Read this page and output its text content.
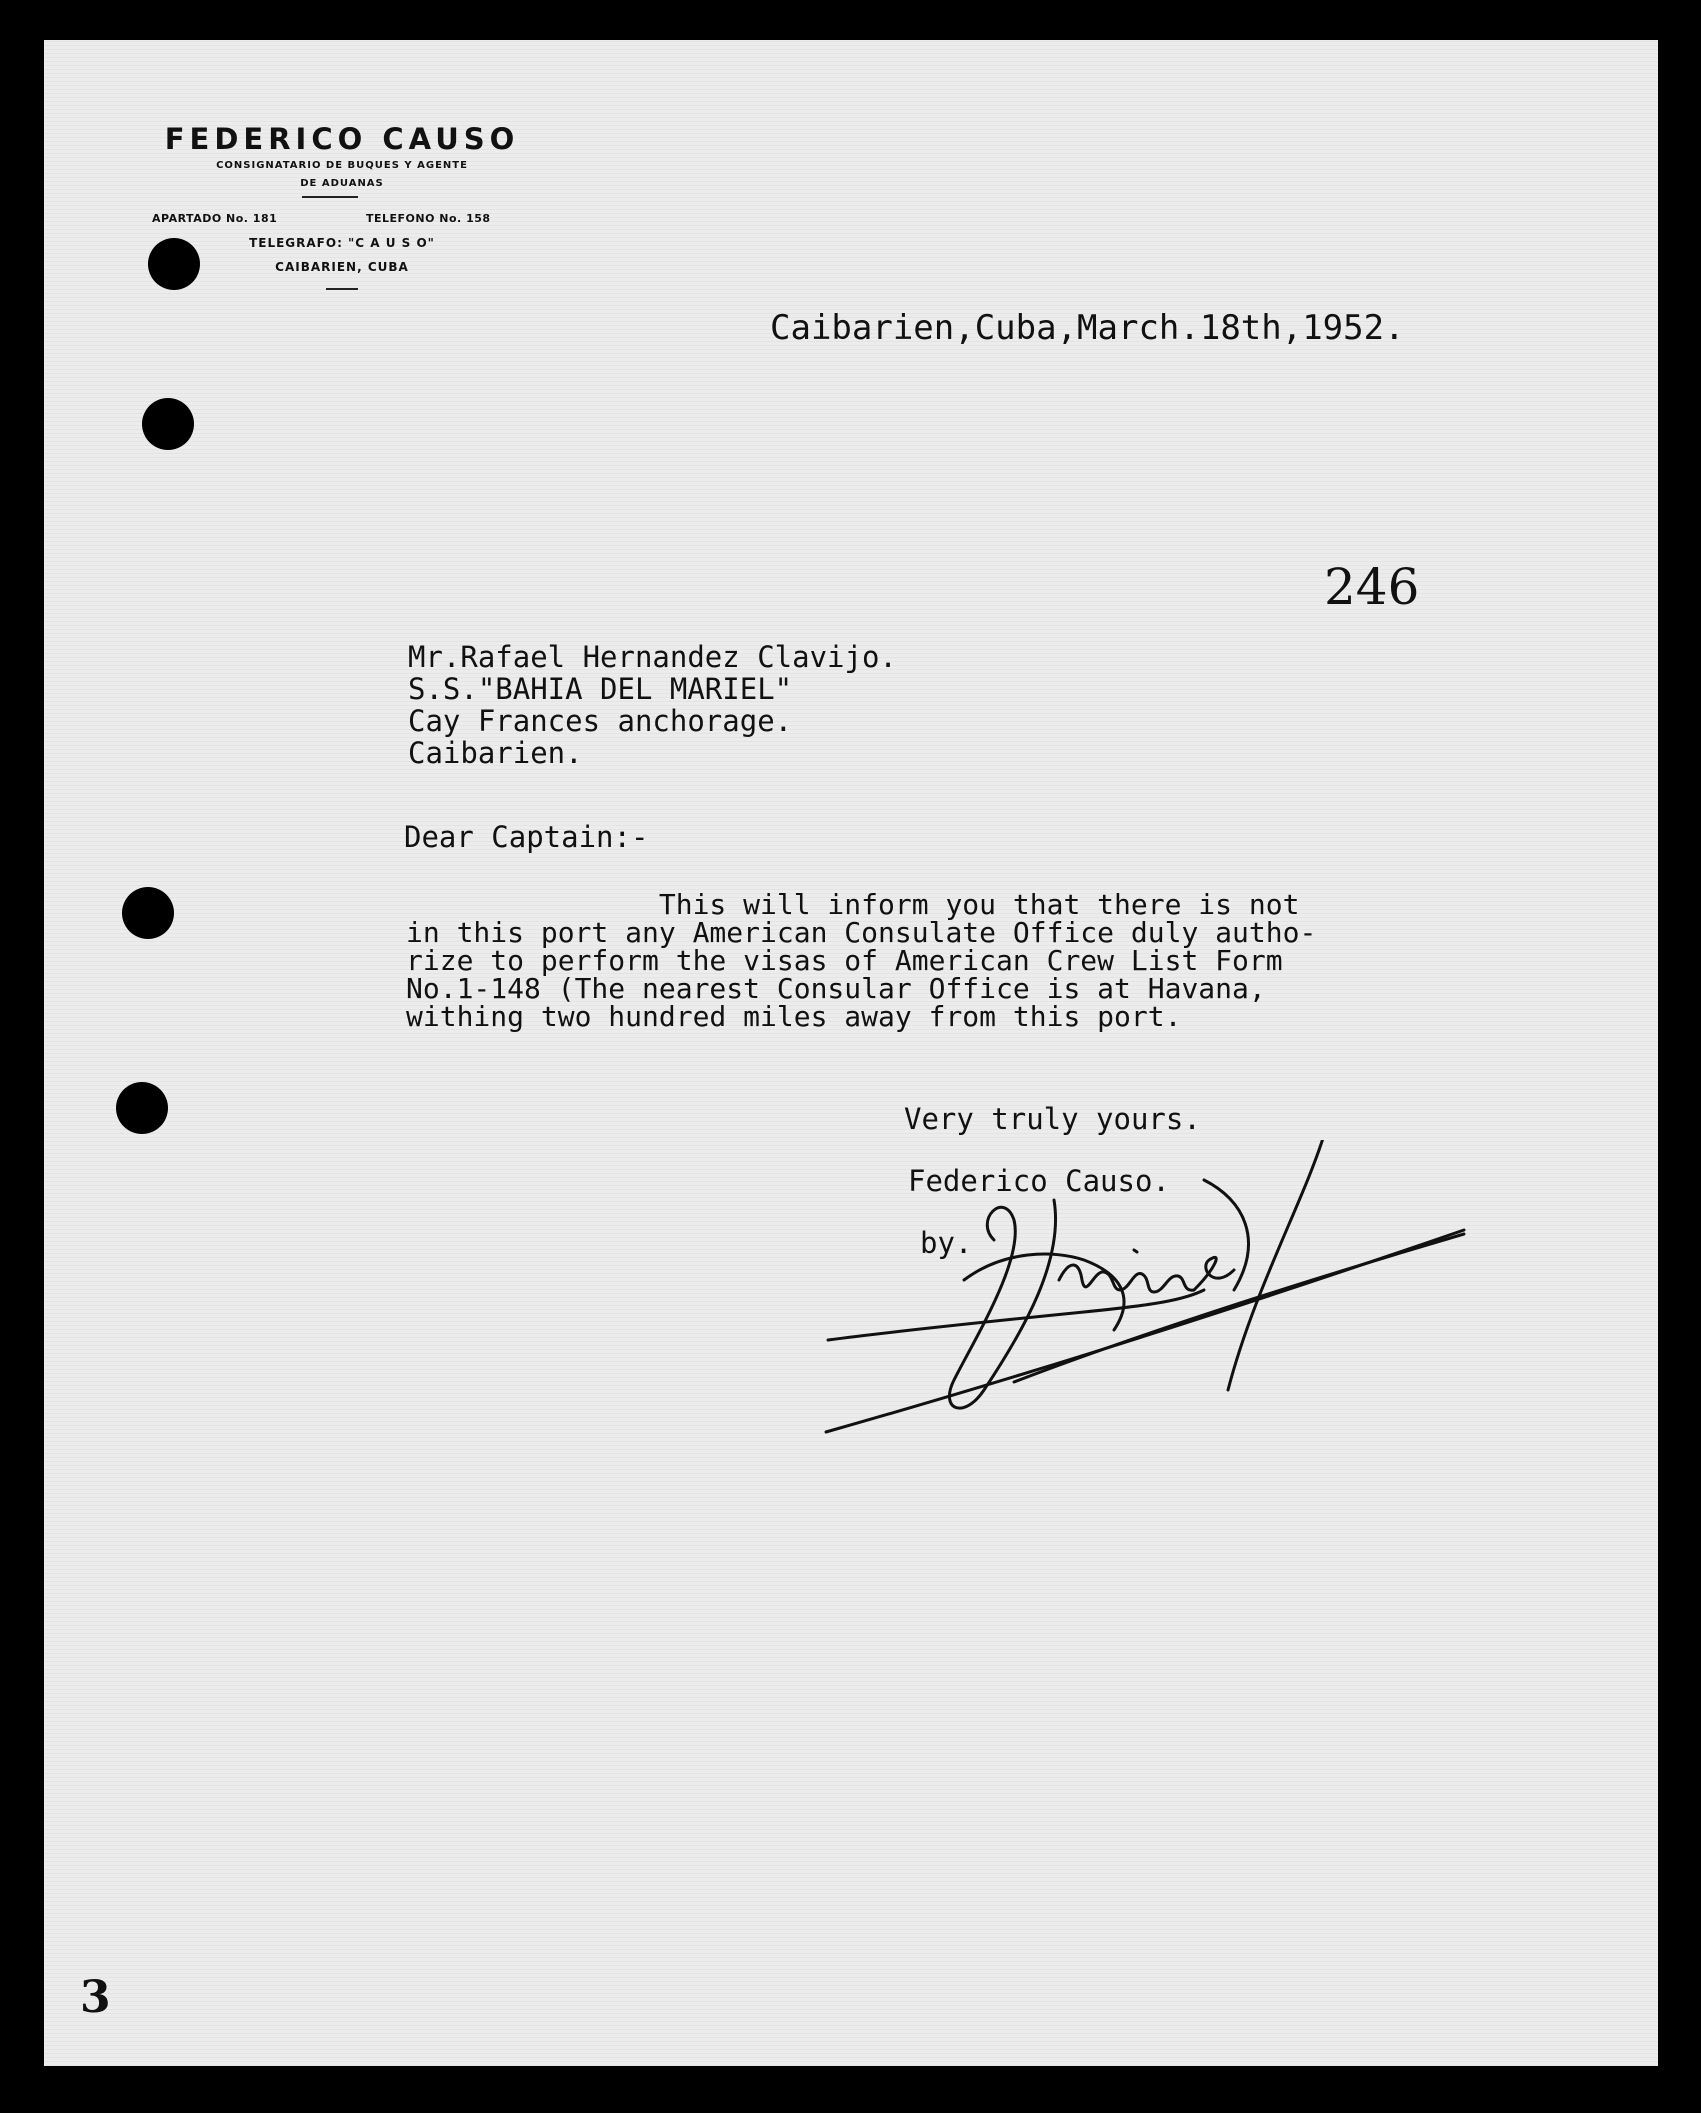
FEDERICO CAUSO
CONSIGNATARIO DE BUQUES Y AGENTE
DE ADUANAS
APARTADO No. 181	TELEFONO No. 158
TELEGRAFO: "C A U S O"
CAIBARIEN, CUBA
Caibarien,Cuba,March.18th,1952.
246
Mr.Rafael Hernandez Clavijo.
S.S."BAHIA DEL MARIEL"
Cay Frances anchorage.
Caibarien.
Dear Captain:-
This will inform you that there is not
in this port any American Consulate Office duly autho-
rize to perform the visas of American Crew List Form
No.1-148 (The nearest Consular Office is at Havana,
withing two hundred miles away from this port.
Very truly yours.
Federico Causo.
by.
3
